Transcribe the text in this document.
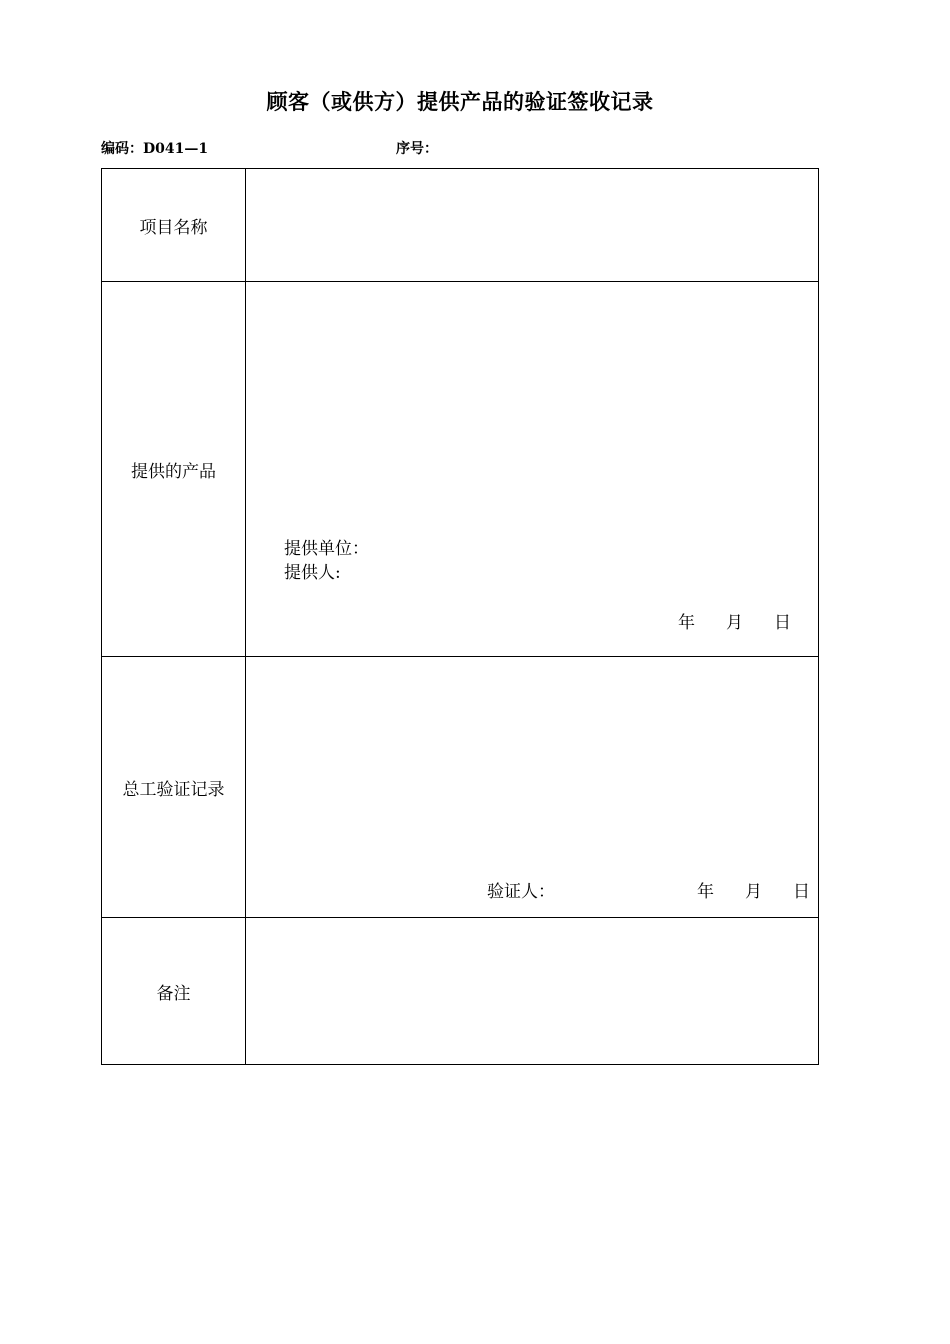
顾客（或供方）提供产品的验证签收记录
编码：D041—1	序号：
项目名称	
提供的产品	提供单位：
提供人:
年 月 日

总工验证记录	验证人： 年 月 日

备注	
